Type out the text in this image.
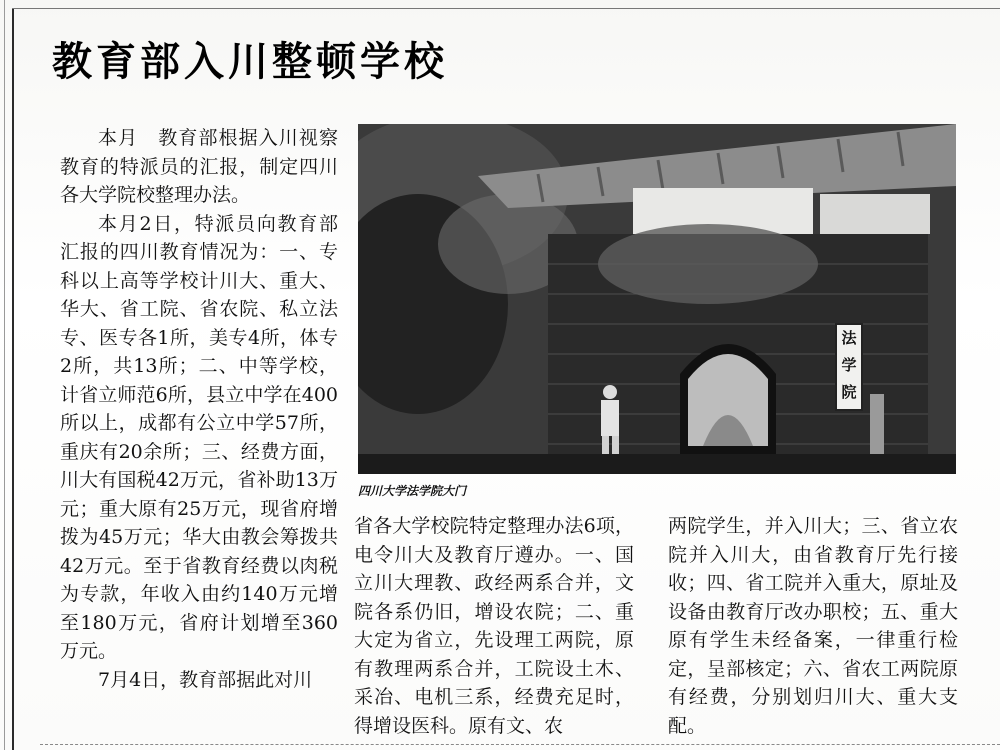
教育部入川整顿学校

本月　教育部根据入川视察教育的特派员的汇报，制定四川各大学院校整理办法。

本月2日，特派员向教育部汇报的四川教育情况为：一、专科以上高等学校计川大、重大、华大、省工院、省农院、私立法专、医专各1所，美专4所，体专2所，共13所；二、中等学校，计省立师范6所，县立中学在400所以上，成都有公立中学57所，重庆有20余所；三、经费方面，川大有国税42万元，省补助13万元；重大原有25万元，现省府增拨为45万元；华大由教会筹拨共42万元。至于省教育经费以肉税为专款，年收入由约140万元增至180万元，省府计划增至360万元。

7月4日，教育部据此对川

法
学
院
四川大学法学院大门

省各大学校院特定整理办法6项，电令川大及教育厅遵办。一、国立川大理教、政经两系合并，文院各系仍旧，增设农院；二、重大定为省立，先设理工两院，原有教理两系合并，工院设土木、采冶、电机三系，经费充足时，得增设医科。原有文、农

两院学生，并入川大；三、省立农院并入川大，由省教育厅先行接收；四、省工院并入重大，原址及设备由教育厅改办职校；五、重大原有学生未经备案，一律重行检定，呈部核定；六、省农工两院原有经费，分别划归川大、重大支配。
